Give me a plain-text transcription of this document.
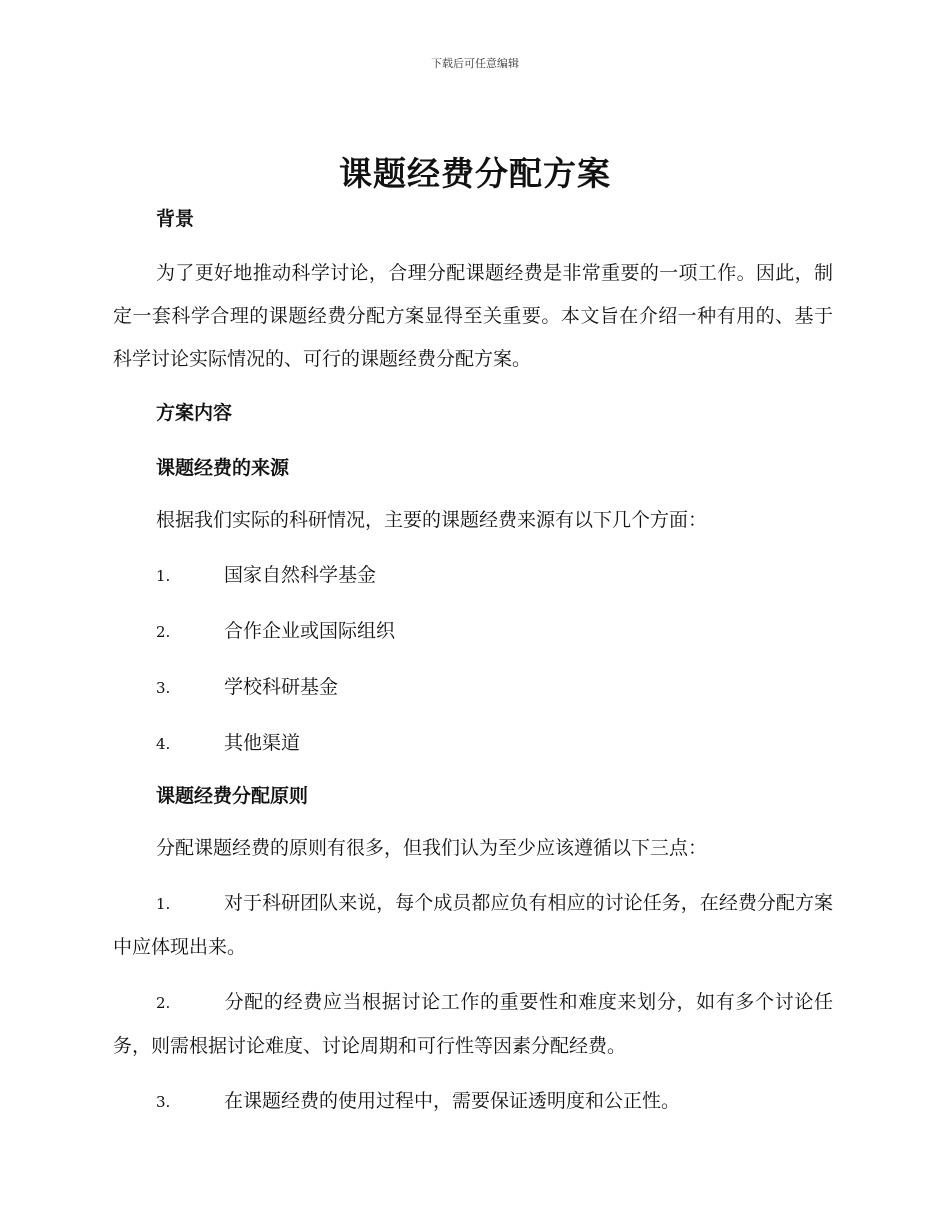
下载后可任意编辑
课题经费分配方案
背景

为了更好地推动科学讨论，合理分配课题经费是非常重要的一项工作。因此，制定一套科学合理的课题经费分配方案显得至关重要。本文旨在介绍一种有用的、基于科学讨论实际情况的、可行的课题经费分配方案。

方案内容
课题经费的来源

根据我们实际的科研情况，主要的课题经费来源有以下几个方面：

1.	国家自然科学基金

2.	合作企业或国际组织

3.	学校科研基金

4.	其他渠道

课题经费分配原则

分配课题经费的原则有很多，但我们认为至少应该遵循以下三点：

1.	对于科研团队来说，每个成员都应负有相应的讨论任务，在经费分配方案中应体现出来。

2.	分配的经费应当根据讨论工作的重要性和难度来划分，如有多个讨论任务，则需根据讨论难度、讨论周期和可行性等因素分配经费。

3.	在课题经费的使用过程中，需要保证透明度和公正性。
